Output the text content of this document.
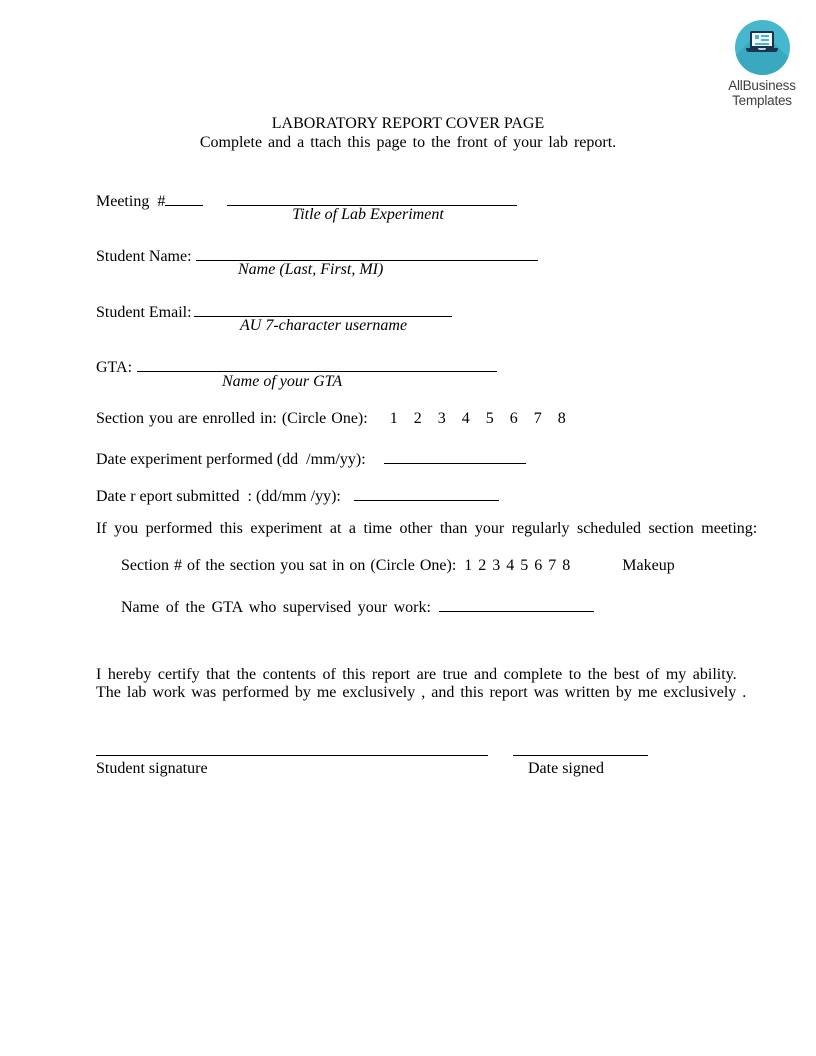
AllBusiness
Templates
LABORATORY REPORT COVER PAGE
Complete and a ttach this page to the front of your lab report.
Meeting  #
Title of Lab Experiment
Student Name:
Name (Last, First, MI)
Student Email:
AU 7-character username
GTA:
Name of your GTA
Section you are enrolled in: (Circle One): 1 2 3 4 5 6 7 8
Date experiment performed (dd  /mm/yy):
Date r eport submitted  : (dd/mm /yy):
If you performed this experiment at a time other than your regularly scheduled section meeting:
Section # of the section you sat in on (Circle One): 1 2 3 4 5 6 7 8	Makeup
Name of the GTA who supervised your work:
I hereby certify that the contents of this report are true and complete to the best of my ability.
The lab work was performed by me exclusively , and this report was written by me exclusively .
Student signature	Date signed
